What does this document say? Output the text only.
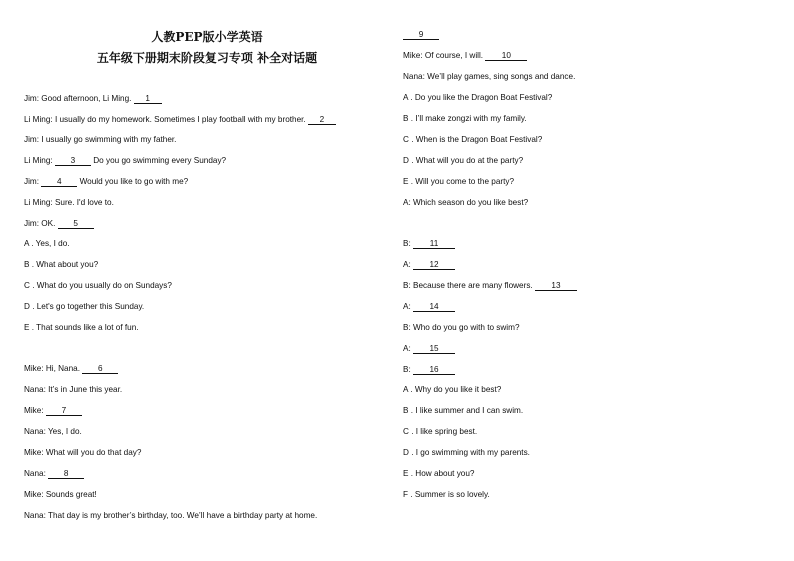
人教PEP版小学英语
五年级下册期末阶段复习专项 补全对话题
Jim: Good afternoon, Li Ming. 1
Li Ming: I usually do my homework. Sometimes I play football with my brother. 2
Jim: I usually go swimming with my father.
Li Ming: 3 Do you go swimming every Sunday?
Jim: 4 Would you like to go with me?
Li Ming: Sure. I'd love to.
Jim: OK. 5
A . Yes, I do.
B . What about you?
C . What do you usually do on Sundays?
D . Let's go together this Sunday.
E . That sounds like a lot of fun.
Mike: Hi, Nana. 6
Nana: It’s in June this year.
Mike: 7
Nana: Yes, I do.
Mike: What will you do that day?
Nana: 8
Mike: Sounds great!
Nana: That day is my brother’s birthday, too. We’ll have a birthday party at home.
9
Mike: Of course, I will. 10
Nana: We’ll play games, sing songs and dance.
A . Do you like the Dragon Boat Festival?
B . I’ll make zongzi with my family.
C . When is the Dragon Boat Festival?
D . What will you do at the party?
E . Will you come to the party?
A: Which season do you like best?
B: 11
A: 12
B: Because there are many flowers. 13
A: 14
B: Who do you go with to swim?
A: 15
B: 16
A . Why do you like it best?
B . I like summer and I can swim.
C . I like spring best.
D . I go swimming with my parents.
E . How about you?
F . Summer is so lovely.
